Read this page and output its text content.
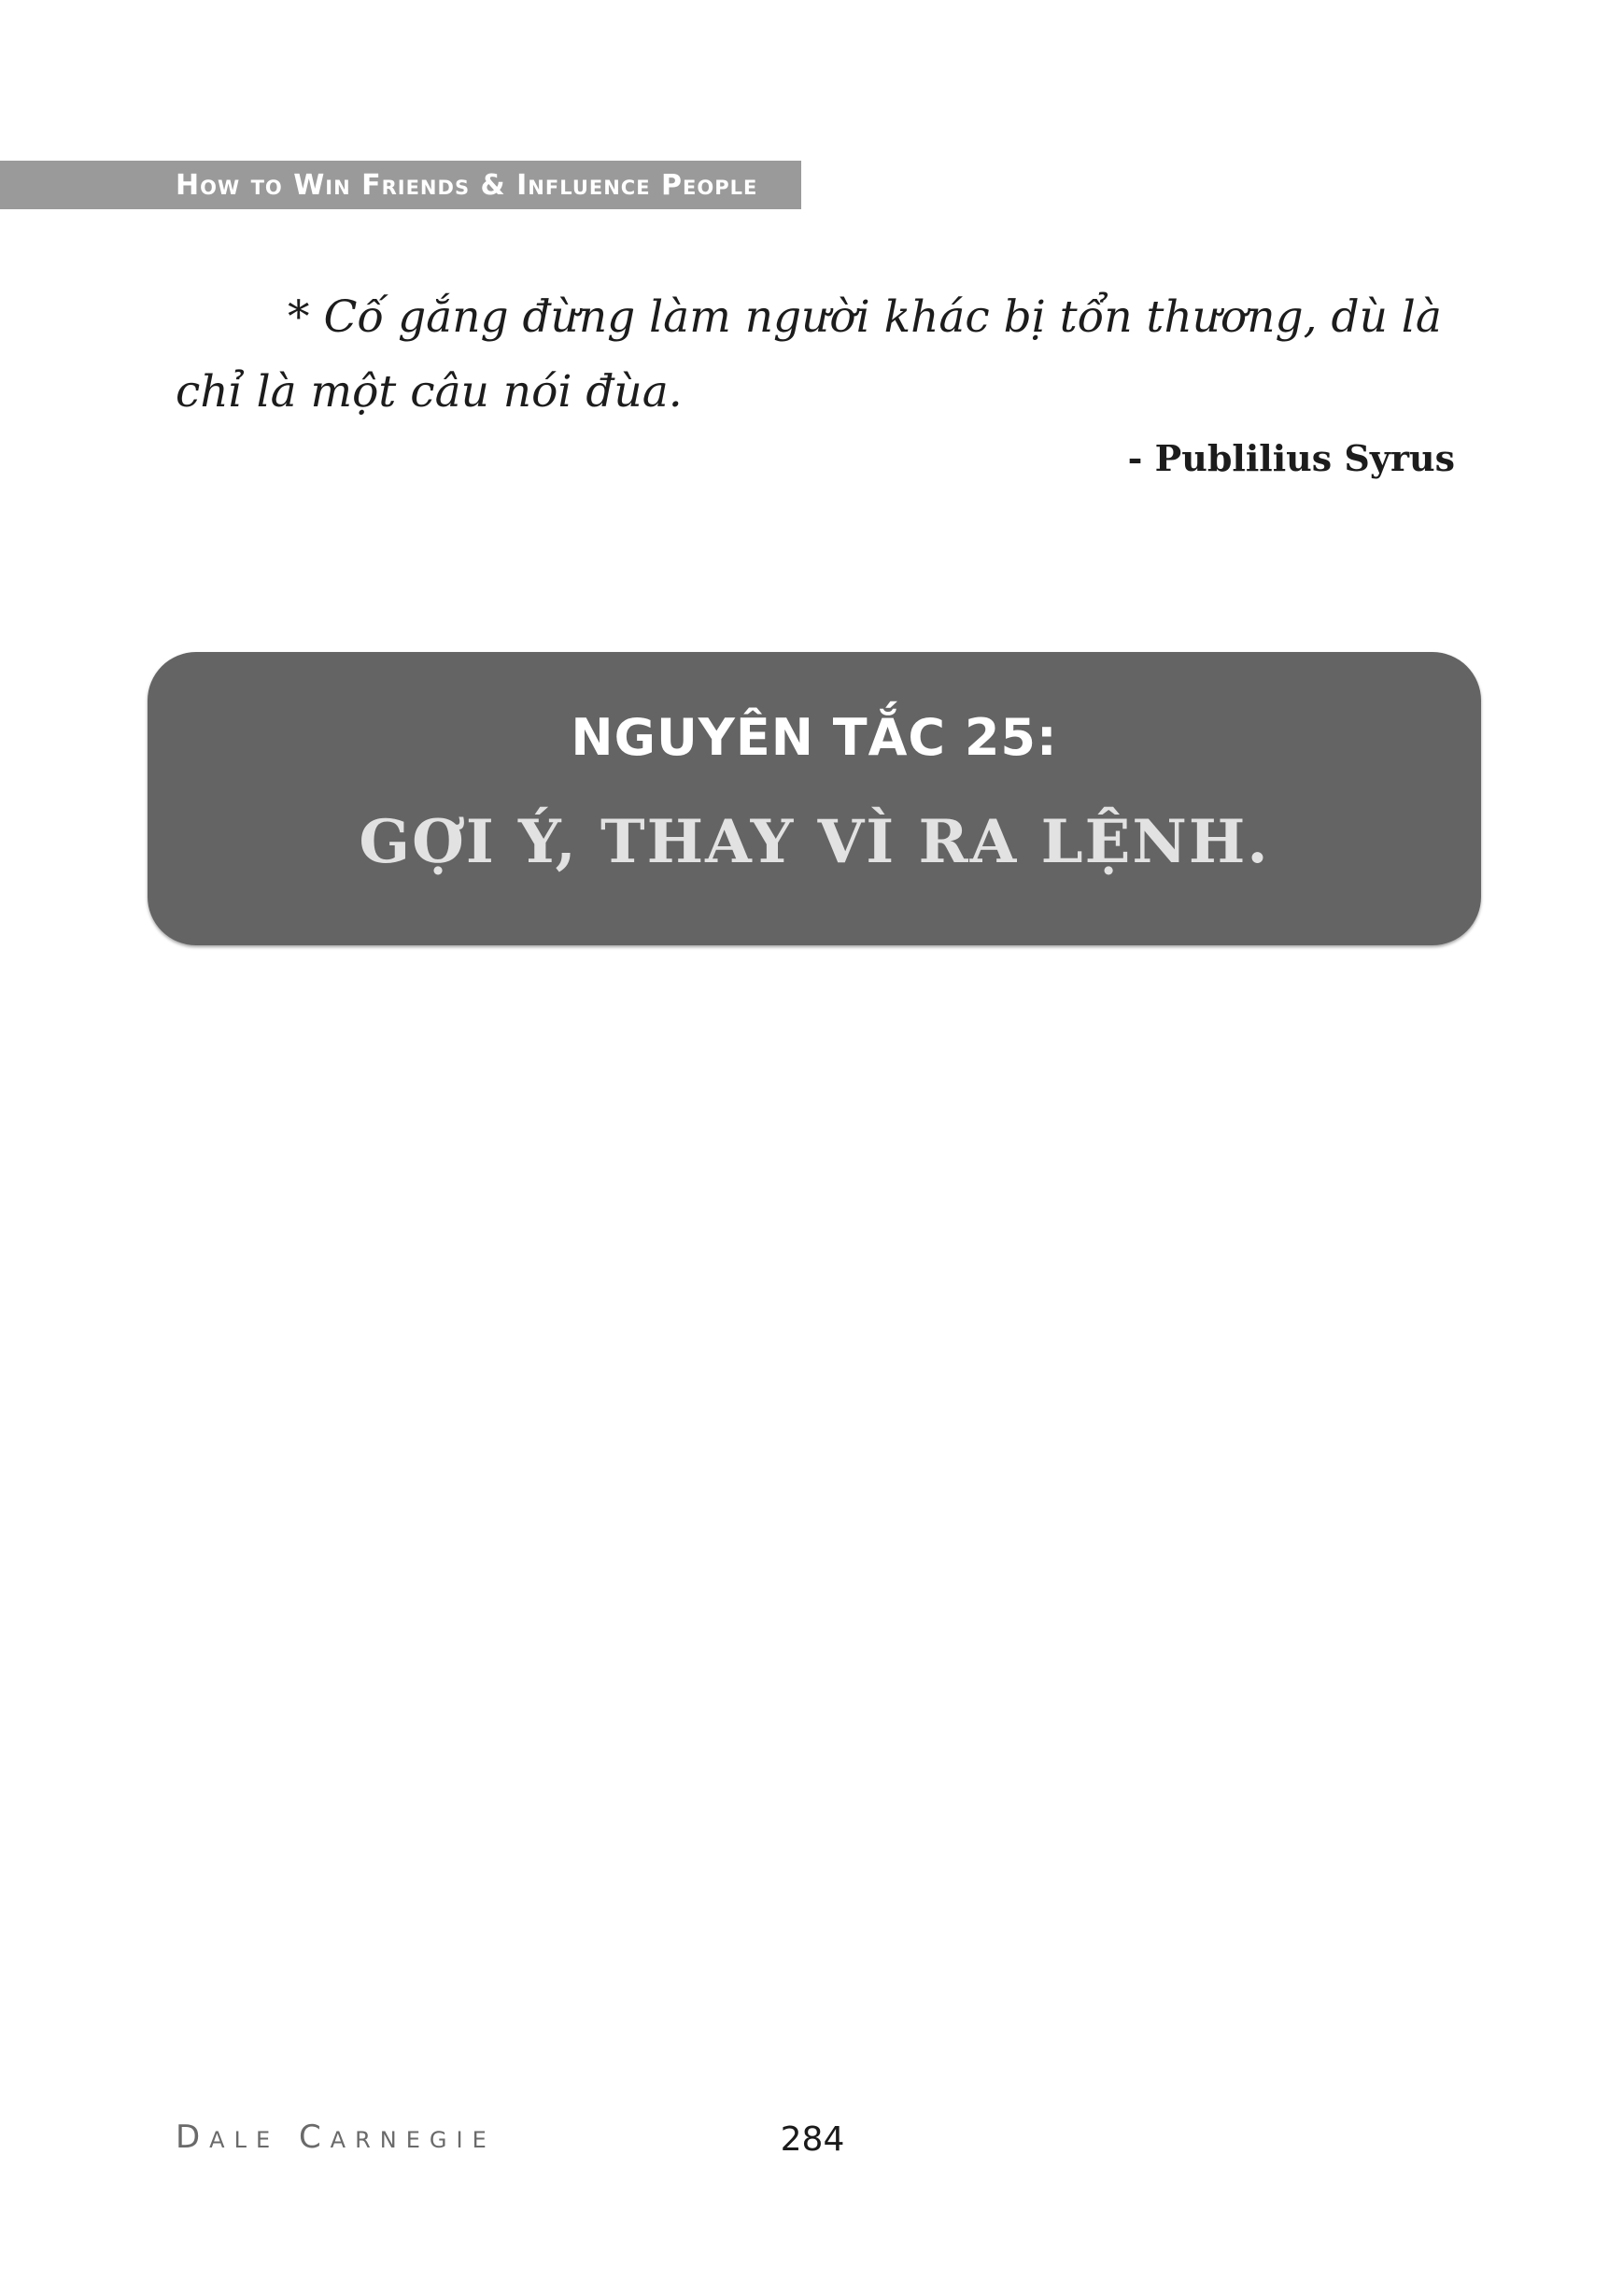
How to Win Friends & Influence People

* Cố gắng đừng làm người khác bị tổn thương, dù là chỉ là một câu nói đùa.

- Publilius Syrus

NGUYÊN TẮC 25:
GỢI Ý, THAY VÌ RA LỆNH.
Dale Carnegie	284
